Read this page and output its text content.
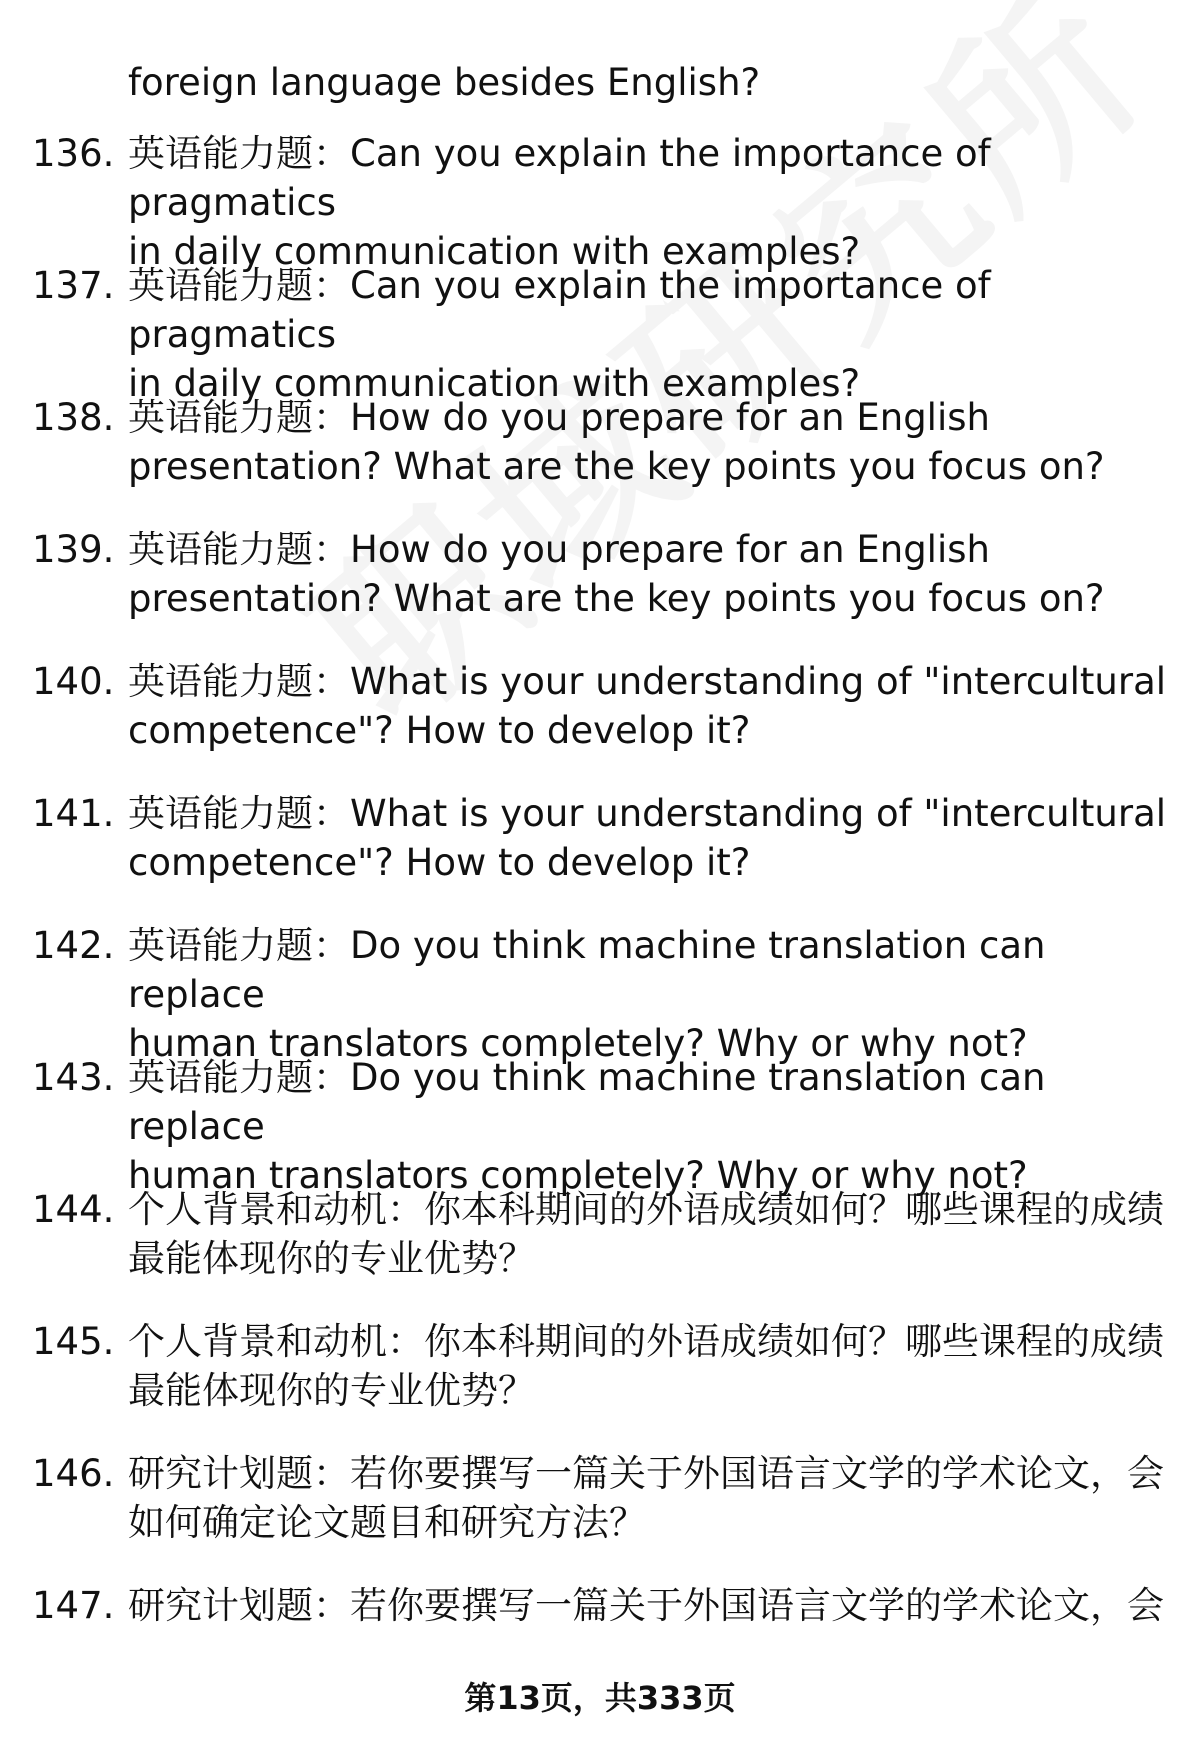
foreign language besides English?
136. 英语能力题：Can you explain the importance of pragmatics
in daily communication with examples?
137. 英语能力题：Can you explain the importance of pragmatics
in daily communication with examples?
138. 英语能力题：How do you prepare for an English
presentation? What are the key points you focus on?
139. 英语能力题：How do you prepare for an English
presentation? What are the key points you focus on?
140. 英语能力题：What is your understanding of "intercultural
competence"? How to develop it?
141. 英语能力题：What is your understanding of "intercultural
competence"? How to develop it?
142. 英语能力题：Do you think machine translation can replace
human translators completely? Why or why not?
143. 英语能力题：Do you think machine translation can replace
human translators completely? Why or why not?
144. 个人背景和动机：你本科期间的外语成绩如何？哪些课程的成绩
最能体现你的专业优势？
145. 个人背景和动机：你本科期间的外语成绩如何？哪些课程的成绩
最能体现你的专业优势？
146. 研究计划题：若你要撰写一篇关于外国语言文学的学术论文，会
如何确定论文题目和研究方法？
147. 研究计划题：若你要撰写一篇关于外国语言文学的学术论文，会
第13页，共333页
